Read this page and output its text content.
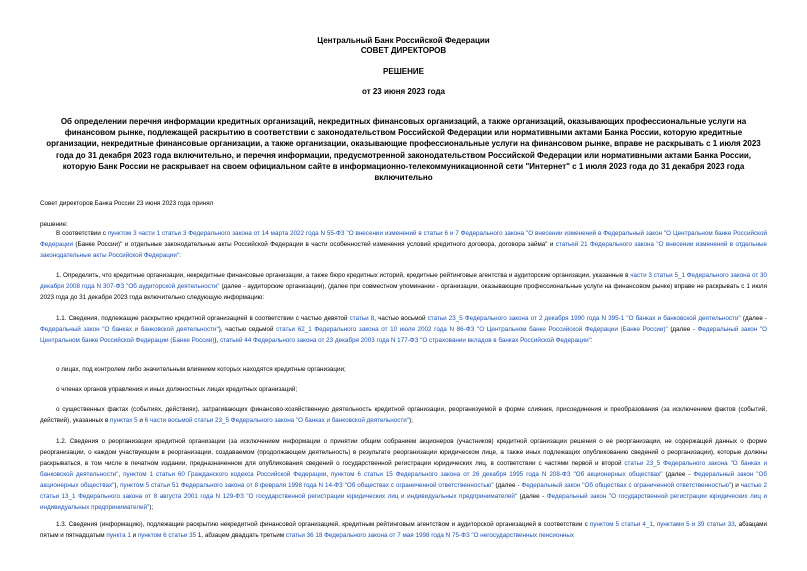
Центральный Банк Российской Федерации
СОВЕТ ДИРЕКТОРОВ
РЕШЕНИЕ
от 23 июня 2023 года
Об определении перечня информации кредитных организаций, некредитных финансовых организаций, а также организаций, оказывающих профессиональные услуги на финансовом рынке, подлежащей раскрытию в соответствии с законодательством Российской Федерации или нормативными актами Банка России, которую кредитные организации, некредитные финансовые организации, а также организации, оказывающие профессиональные услуги на финансовом рынке, вправе не раскрывать с 1 июля 2023 года до 31 декабря 2023 года включительно, и перечня информации, предусмотренной законодательством Российской Федерации или нормативными актами Банка России, которую Банк России не раскрывает на своем официальном сайте в информационно-телекоммуникационной сети "Интернет" с 1 июля 2023 года до 31 декабря 2023 года включительно
Совет директоров Банка России 23 июня 2023 года принял
решение:
В соответствии с пунктом 3 части 1 статьи 3 Федерального закона от 14 марта 2022 года N 55-ФЗ "О внесении изменений в статьи 6 и 7 Федерального закона "О внесении изменений в Федеральный закон "О Центральном банке Российской Федерации (Банке России)" и отдельные законодательные акты Российской Федерации в части особенностей изменения условий кредитного договора, договора займа" и статьей 21 Федерального закона "О внесении изменений в отдельные законодательные акты Российской Федерации":
1. Определить, что кредитные организации, некредитные финансовые организации, а также бюро кредитных историй, кредитные рейтинговые агентства и аудиторские организации, указанные в части 3 статьи 5_1 Федерального закона от 30 декабря 2008 года N 307-ФЗ "Об аудиторской деятельности" (далее - аудиторские организации), (далее при совместном упоминании - организации, оказывающие профессиональные услуги на финансовом рынке) вправе не раскрывать с 1 июля 2023 года до 31 декабря 2023 года включительно следующую информацию:
1.1. Сведения, подлежащие раскрытию кредитной организацией в соответствии с частью девятой статьи 8, частью восьмой статьи 23_5 Федерального закона от 2 декабря 1990 года N 395-1 "О банках и банковской деятельности" (далее - Федеральный закон "О банках и банковской деятельности"), частью седьмой статьи 62_1 Федерального закона от 10 июля 2002 года N 86-ФЗ "О Центральном банке Российской Федерации (Банке России)" (далее - Федеральный закон "О Центральном банке Российской Федерации (Банке России)), статьей 44 Федерального закона от 23 декабря 2003 года N 177-ФЗ "О страховании вкладов в банках Российской Федерации":
о лицах, под контролем либо значительным влиянием которых находятся кредитные организации;
о членах органов управления и иных должностных лицах кредитных организаций;
о существенных фактах (событиях, действиях), затрагивающих финансово-хозяйственную деятельность кредитной организации, реорганизуемой в форме слияния, присоединения и преобразования (за исключением фактов (событий, действий), указанных в пунктах 5 и 6 части восьмой статьи 23_5 Федерального закона "О банках и банковской деятельности");
1.2. Сведения о реорганизации кредитной организации (за исключением информации о принятии общим собранием акционеров (участников) кредитной организации решения о ее реорганизации, не содержащей данных о форме реорганизации, о каждом участвующем в реорганизации, создаваемом (продолжающем деятельность) в результате реорганизации юридическом лице, а также иных подлежащих опубликованию сведений о реорганизации), которые должны раскрываться, в том числе в печатном издании, предназначенном для опубликования сведений о государственной регистрации юридических лиц, в соответствии с частями первой и второй статьи 23_5 Федерального закона "О банках и банковской деятельности", пунктом 1 статьи 60 Гражданского кодекса Российской Федерации, пунктом 6 статьи 15 Федерального закона от 26 декабря 1995 года N 208-ФЗ "Об акционерных обществах" (далее - Федеральный закон "Об акционерных обществах"), пунктом 5 статьи 51 Федерального закона от 8 февраля 1998 года N 14-ФЗ "Об обществах с ограниченной ответственностью" (далее - Федеральный закон "Об обществах с ограниченной ответственностью") и частью 2 статьи 13_1 Федерального закона от 8 августа 2001 года N 129-ФЗ "О государственной регистрации юридических лиц и индивидуальных предпринимателей" (далее - Федеральный закон "О государственной регистрации юридических лиц и индивидуальных предпринимателей");
1.3. Сведения (информацию), подлежащие раскрытию некредитной финансовой организацией, кредитным рейтинговым агентством и аудиторской организацией в соответствии с пунктом 5 статьи 4_1, пунктами 5 и 39 статьи 33, абзацами пятым и пятнадцатым пункта 1 и пунктом 6 статьи 35 1, абзацем двадцать третьим статьи 36 18 Федерального закона от 7 мая 1998 года N 75-ФЗ "О негосударственных пенсионных
